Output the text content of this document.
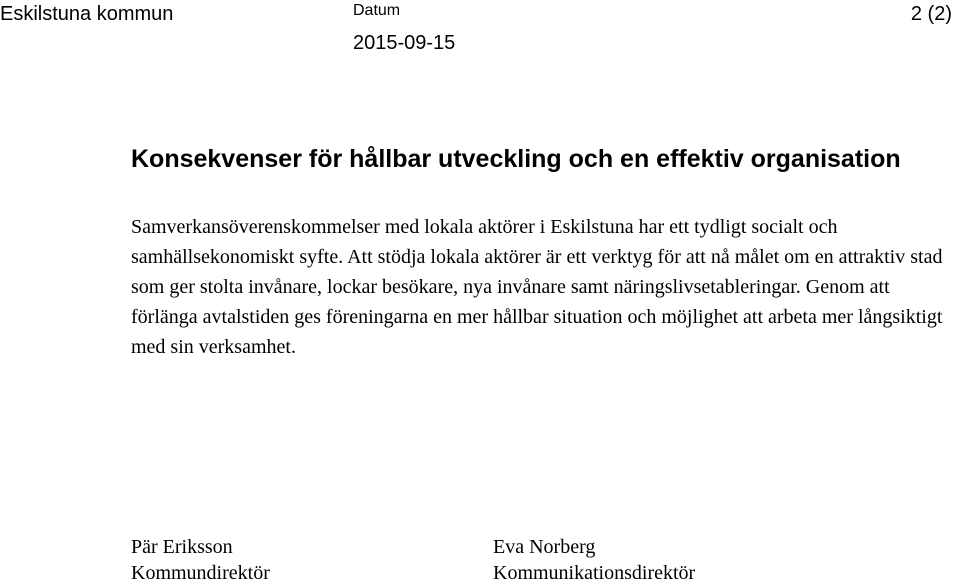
Eskilstuna kommun	Datum
2015-09-15
2 (2)
Konsekvenser för hållbar utveckling och en effektiv organisation

Samverkansöverenskommelser med lokala aktörer i Eskilstuna har ett tydligt socialt och samhällsekonomiskt syfte. Att stödja lokala aktörer är ett verktyg för att nå målet om en attraktiv stad som ger stolta invånare, lockar besökare, nya invånare samt näringslivsetableringar. Genom att förlänga avtalstiden ges föreningarna en mer hållbar situation och möjlighet att arbeta mer långsiktigt med sin verksamhet.

Pär Eriksson
Kommundirektör
Eva Norberg
Kommunikationsdirektör
